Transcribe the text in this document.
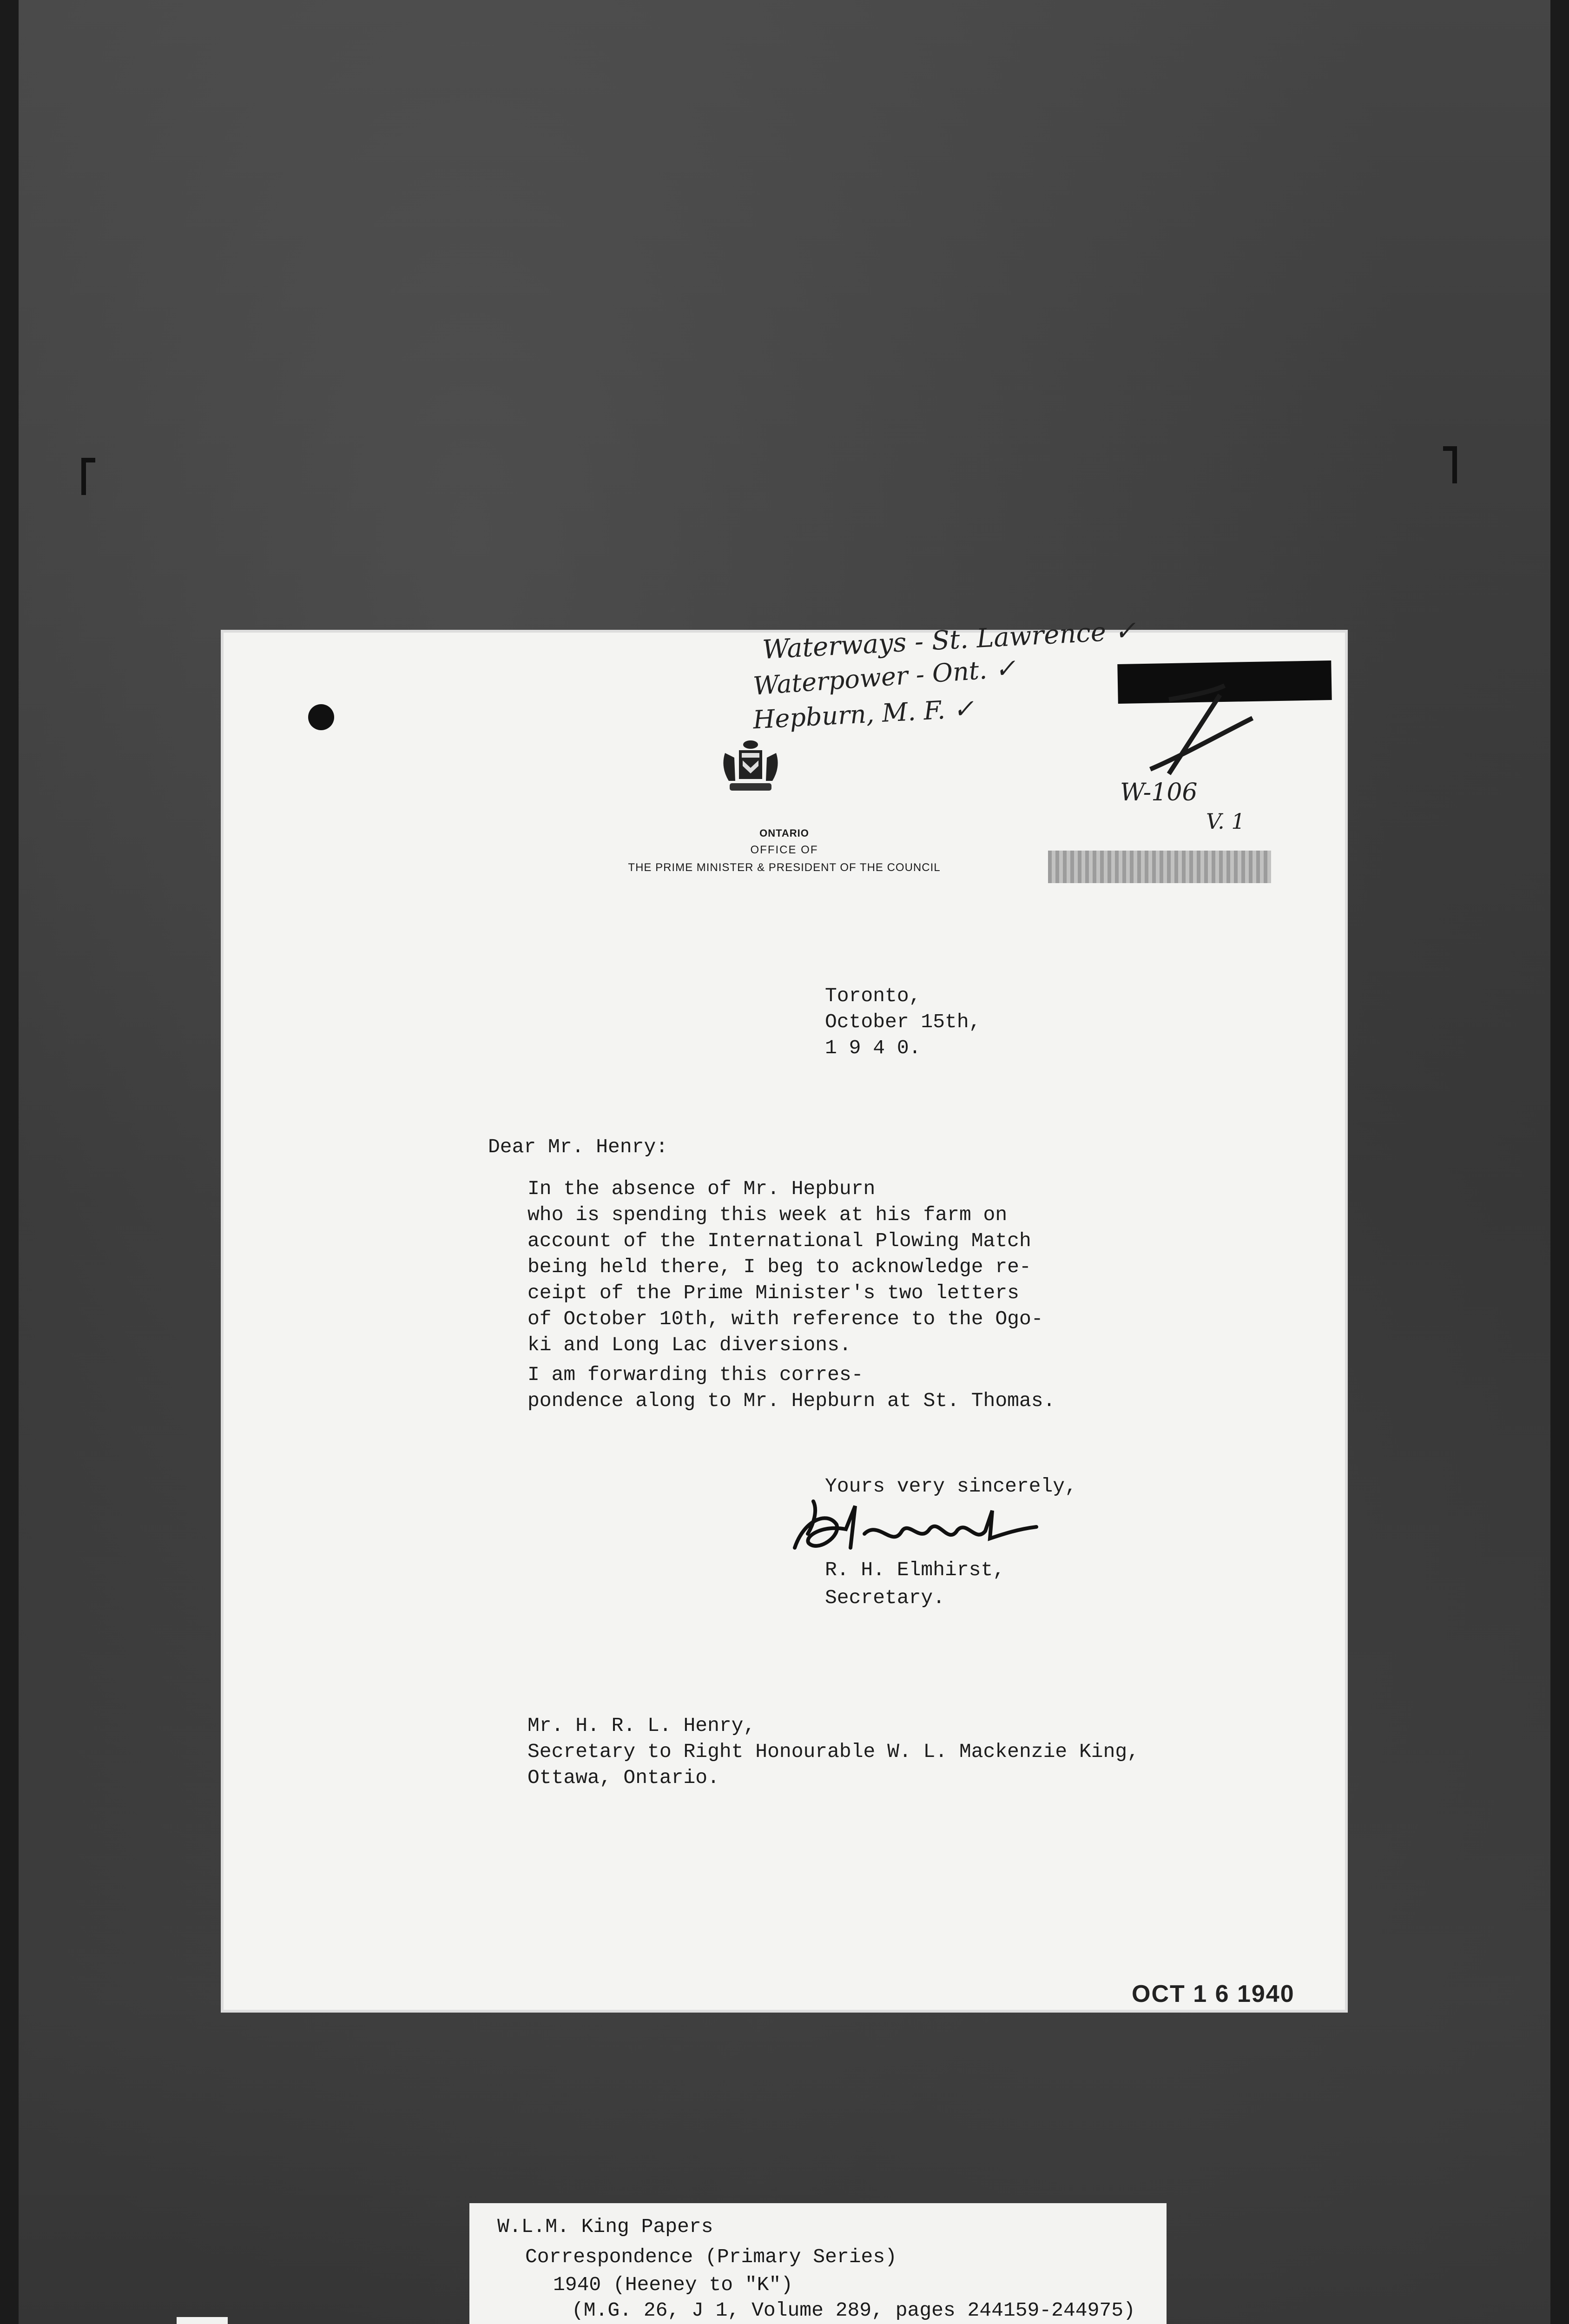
Waterways - St. Lawrence ✓
Waterpower - Ont. ✓
Hepburn, M. F. ✓
W-106
V. 1
ONTARIO
OFFICE OF
THE PRIME MINISTER & PRESIDENT OF THE COUNCIL
Toronto,
October 15th,
1 9 4 0.
Dear Mr. Henry:
In the absence of Mr. Hepburn
who is spending this week at his farm on
account of the International Plowing Match
being held there, I beg to acknowledge re-
ceipt of the Prime Minister's two letters
of October 10th, with reference to the Ogo-
ki and Long Lac diversions.
I am forwarding this corres-
pondence along to Mr. Hepburn at St. Thomas.
Yours very sincerely,
R. H. Elmhirst,
Secretary.
Mr. H. R. L. Henry,
Secretary to Right Honourable W. L. Mackenzie King,
Ottawa, Ontario.
OCT 1 6 1940
W.L.M. King Papers
Correspondence (Primary Series)
1940 (Heeney to "K")
(M.G. 26, J 1, Volume 289, pages 244159-244975)
